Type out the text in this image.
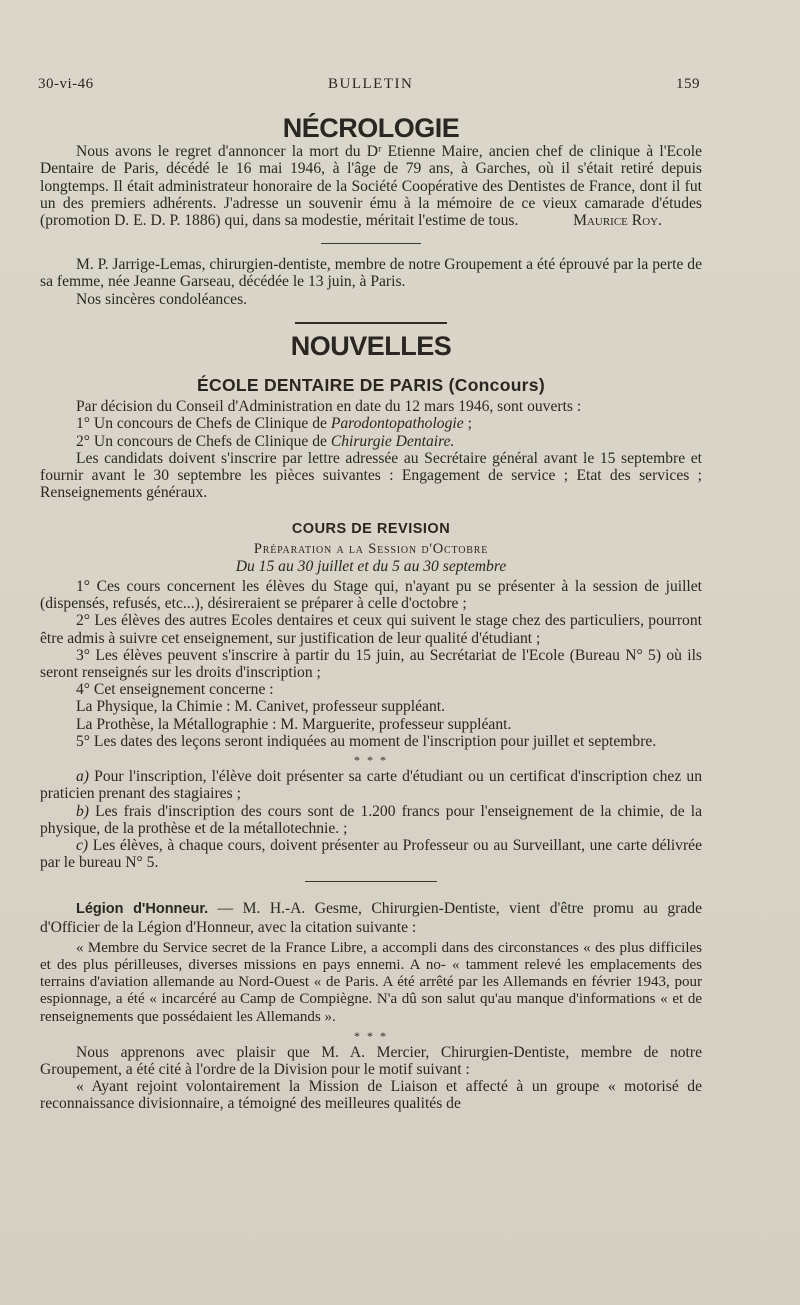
30-vi-46	BULLETIN	159
NÉCROLOGIE

Nous avons le regret d'annoncer la mort du Dʳ Etienne Maire, ancien chef de clinique à l'Ecole Dentaire de Paris, décédé le 16 mai 1946, à l'âge de 79 ans, à Garches, où il s'était retiré depuis longtemps. Il était administrateur honoraire de la Société Coopérative des Dentistes de France, dont il fut un des premiers adhérents. J'adresse un souvenir ému à la mémoire de ce vieux camarade d'études (promotion D. E. D. P. 1886) qui, dans sa modestie, méritait l'estime de tous.	Maurice Roy.

M. P. Jarrige-Lemas, chirurgien-dentiste, membre de notre Groupement a été éprouvé par la perte de sa femme, née Jeanne Garseau, décédée le 13 juin, à Paris.

Nos sincères condoléances.

NOUVELLES
ÉCOLE DENTAIRE DE PARIS (Concours)

Par décision du Conseil d'Administration en date du 12 mars 1946, sont ouverts :

1° Un concours de Chefs de Clinique de Parodontopathologie ;

2° Un concours de Chefs de Clinique de Chirurgie Dentaire.

Les candidats doivent s'inscrire par lettre adressée au Secrétaire général avant le 15 septembre et fournir avant le 30 septembre les pièces suivantes : Engagement de service ; Etat des services ; Renseignements généraux.

COURS DE REVISION
Préparation a la Session d'Octobre
Du 15 au 30 juillet et du 5 au 30 septembre

1° Ces cours concernent les élèves du Stage qui, n'ayant pu se présenter à la session de juillet (dispensés, refusés, etc...), désireraient se préparer à celle d'octobre ;

2° Les élèves des autres Ecoles dentaires et ceux qui suivent le stage chez des particuliers, pourront être admis à suivre cet enseignement, sur justification de leur qualité d'étudiant ;

3° Les élèves peuvent s'inscrire à partir du 15 juin, au Secrétariat de l'Ecole (Bureau N° 5) où ils seront renseignés sur les droits d'inscription ;

4° Cet enseignement concerne :

La Physique, la Chimie : M. Canivet, professeur suppléant.

La Prothèse, la Métallographie : M. Marguerite, professeur suppléant.

5° Les dates des leçons seront indiquées au moment de l'inscription pour juillet et septembre.

* * *

a) Pour l'inscription, l'élève doit présenter sa carte d'étudiant ou un certificat d'inscription chez un praticien prenant des stagiaires ;

b) Les frais d'inscription des cours sont de 1.200 francs pour l'enseignement de la chimie, de la physique, de la prothèse et de la métallotechnie. ;

c) Les élèves, à chaque cours, doivent présenter au Professeur ou au Surveillant, une carte délivrée par le bureau N° 5.

Légion d'Honneur. — M. H.-A. Gesme, Chirurgien-Dentiste, vient d'être promu au grade d'Officier de la Légion d'Honneur, avec la citation suivante :

« Membre du Service secret de la France Libre, a accompli dans des circonstances « des plus difficiles et des plus périlleuses, diverses missions en pays ennemi. A no- « tamment relevé les emplacements des terrains d'aviation allemande au Nord-Ouest « de Paris. A été arrêté par les Allemands en février 1943, pour espionnage, a été « incarcéré au Camp de Compiègne. N'a dû son salut qu'au manque d'informations « et de renseignements que possédaient les Allemands ».

* * *

Nous apprenons avec plaisir que M. A. Mercier, Chirurgien-Dentiste, membre de notre Groupement, a été cité à l'ordre de la Division pour le motif suivant :

« Ayant rejoint volontairement la Mission de Liaison et affecté à un groupe « motorisé de reconnaissance divisionnaire, a témoigné des meilleures qualités de
